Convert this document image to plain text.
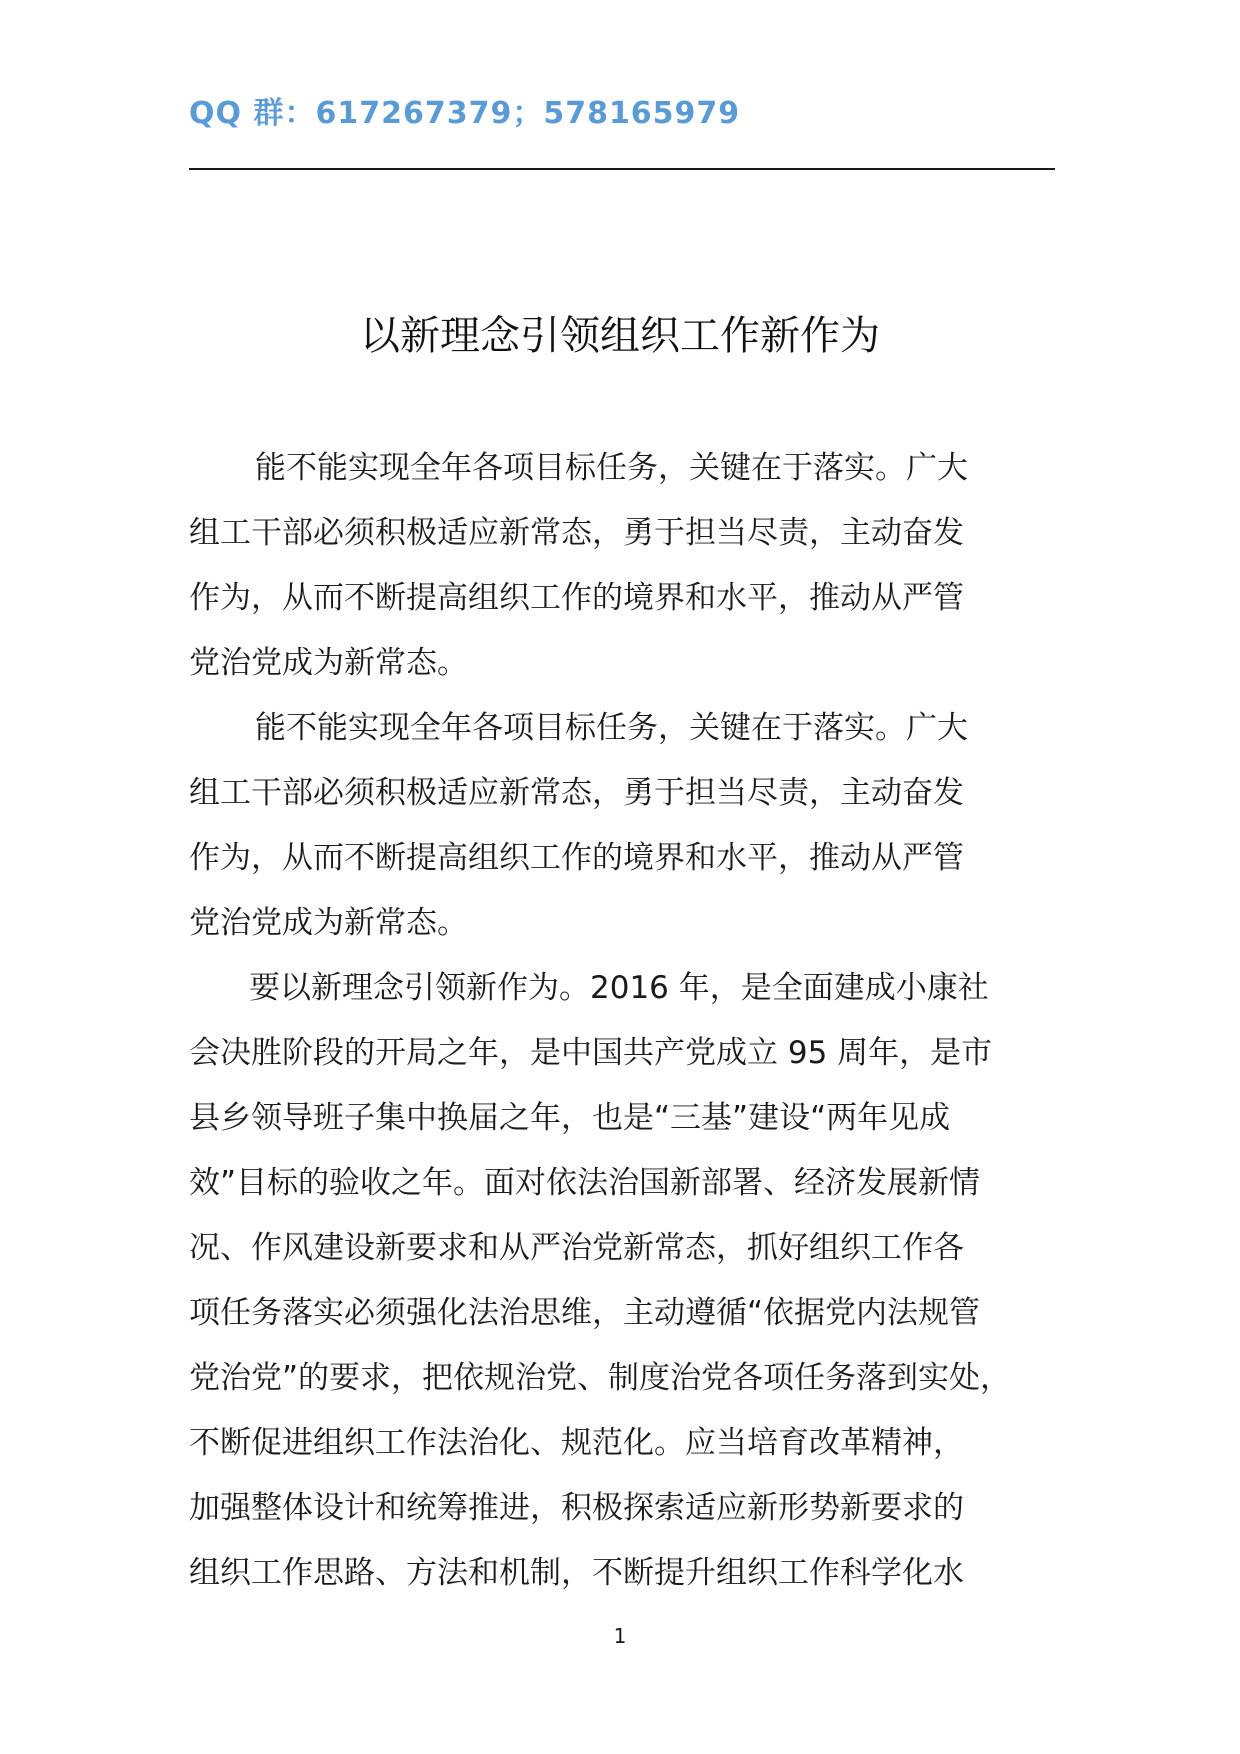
QQ 群：617267379；578165979
以新理念引领组织工作新作为
能不能实现全年各项目标任务，关键在于落实。广大
组工干部必须积极适应新常态，勇于担当尽责，主动奋发
作为，从而不断提高组织工作的境界和水平，推动从严管
党治党成为新常态。
能不能实现全年各项目标任务，关键在于落实。广大
组工干部必须积极适应新常态，勇于担当尽责，主动奋发
作为，从而不断提高组织工作的境界和水平，推动从严管
党治党成为新常态。
要以新理念引领新作为。2016 年，是全面建成小康社
会决胜阶段的开局之年，是中国共产党成立 95 周年，是市
县乡领导班子集中换届之年，也是“三基”建设“两年见成
效”目标的验收之年。面对依法治国新部署、经济发展新情
况、作风建设新要求和从严治党新常态，抓好组织工作各
项任务落实必须强化法治思维，主动遵循“依据党内法规管
党治党”的要求，把依规治党、制度治党各项任务落到实处，
不断促进组织工作法治化、规范化。应当培育改革精神，
加强整体设计和统筹推进，积极探索适应新形势新要求的
组织工作思路、方法和机制，不断提升组织工作科学化水
1
